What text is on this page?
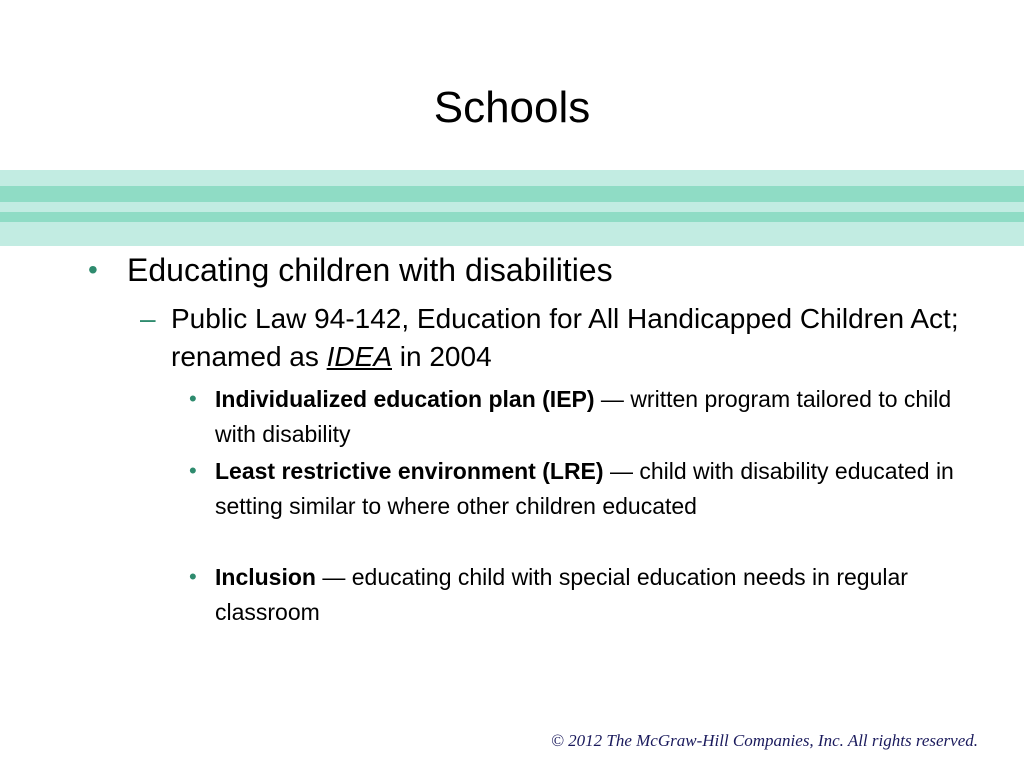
Schools
• Educating children with disabilities
– Public Law 94-142, Education for All Handicapped Children Act; renamed as IDEA in 2004
• Individualized education plan (IEP) — written program tailored to child with disability
• Least restrictive environment (LRE) — child with disability educated in setting similar to where other children educated
• Inclusion — educating child with special education needs in regular classroom
© 2012 The McGraw-Hill Companies, Inc. All rights reserved.
